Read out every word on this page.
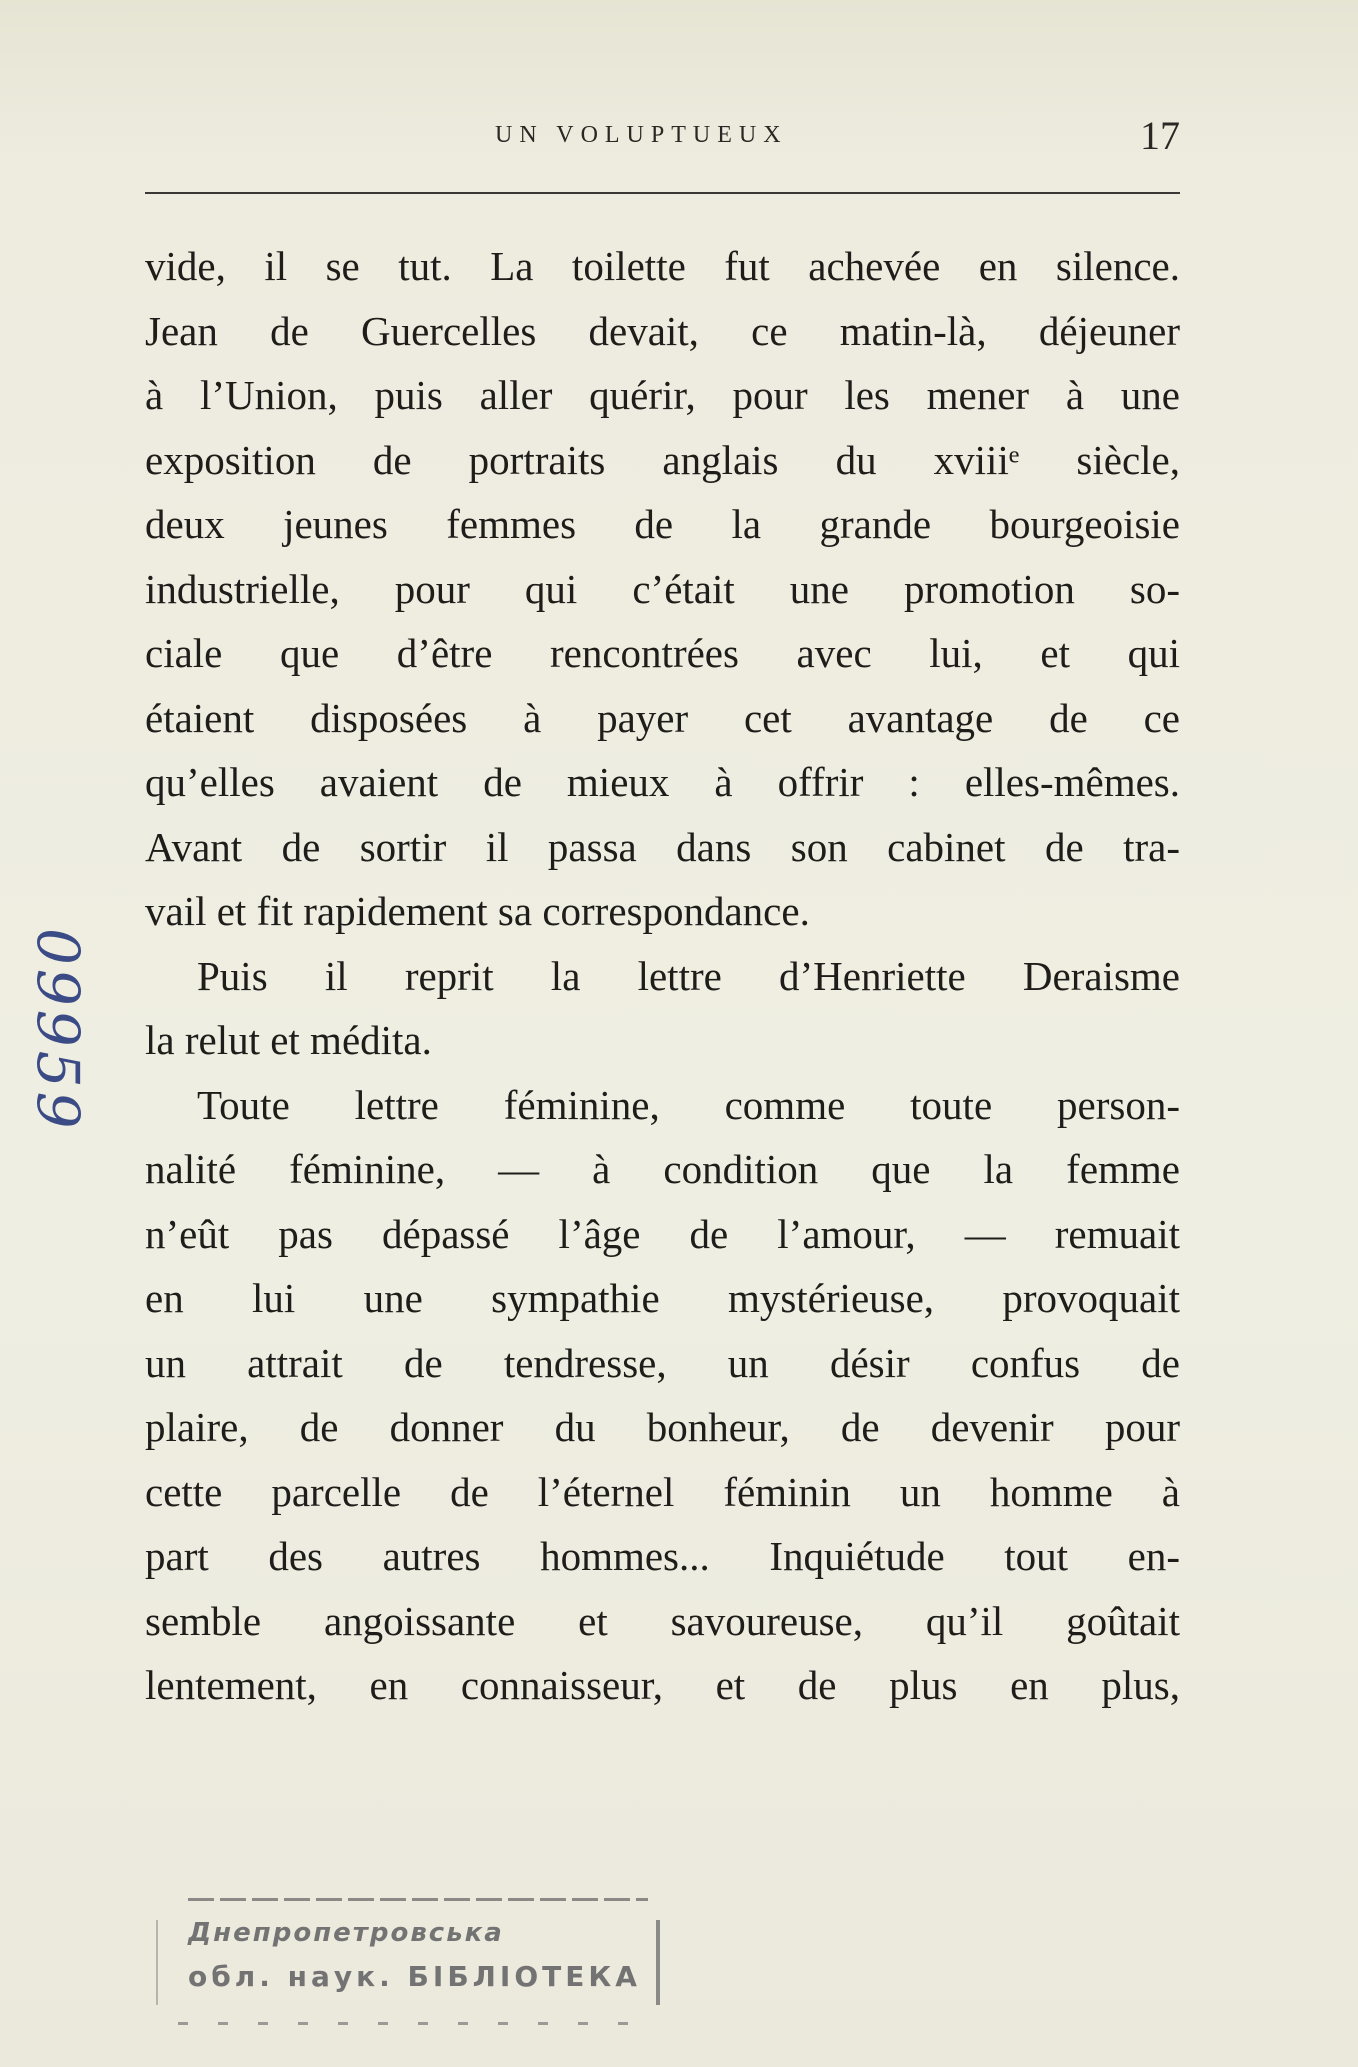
UN VOLUPTUEUX	17
vide, il se tut. La toilette fut achevée en silence.
Jean de Guercelles devait, ce matin-là, déjeuner
à l’Union, puis aller quérir, pour les mener à une
exposition de portraits anglais du xviiiᵉ siècle,
deux jeunes femmes de la grande bourgeoisie
industrielle, pour qui c’était une promotion so-
ciale que d’être rencontrées avec lui, et qui
étaient disposées à payer cet avantage de ce
qu’elles avaient de mieux à offrir : elles-mêmes.
Avant de sortir il passa dans son cabinet de tra-
vail et fit rapidement sa correspondance.
Puis il reprit la lettre d’Henriette Deraisme
la relut et médita.
Toute lettre féminine, comme toute person-
nalité féminine, — à condition que la femme
n’eût pas dépassé l’âge de l’amour, — remuait
en lui une sympathie mystérieuse, provoquait
un attrait de tendresse, un désir confus de
plaire, de donner du bonheur, de devenir pour
cette parcelle de l’éternel féminin un homme à
part des autres hommes... Inquiétude tout en-
semble angoissante et savoureuse, qu’il goûtait
lentement, en connaisseur, et de plus en plus,
09959
Днепропетровська
обл. наук. БІБЛІОТЕКА
